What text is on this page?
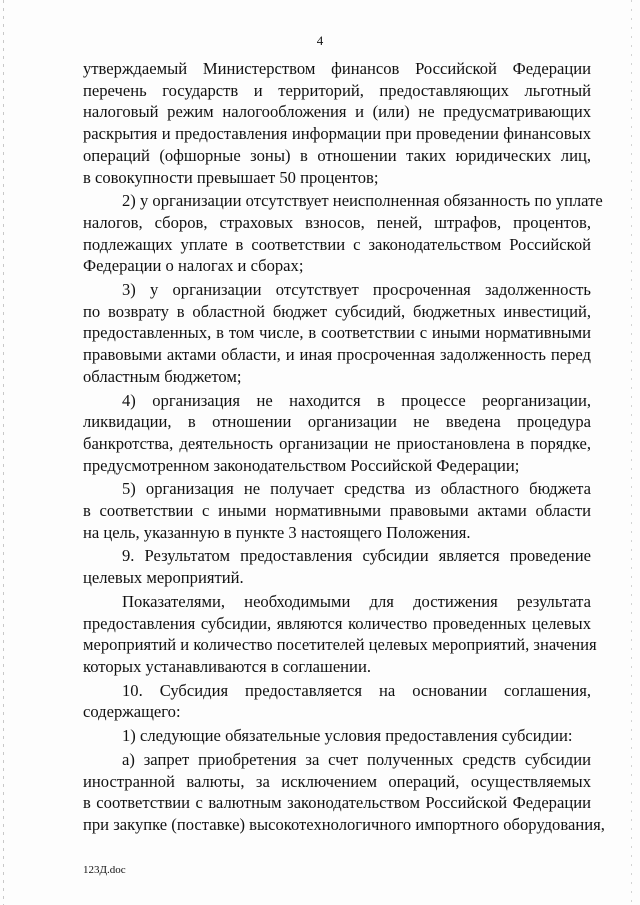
4
утверждаемый Министерством финансов Российской Федерации
перечень государств и территорий, предоставляющих льготный
налоговый режим налогообложения и (или) не предусматривающих
раскрытия и предоставления информации при проведении финансовых
операций (офшорные зоны) в отношении таких юридических лиц,
в совокупности превышает 50 процентов;
2) у организации отсутствует неисполненная обязанность по уплате
налогов, сборов, страховых взносов, пеней, штрафов, процентов,
подлежащих уплате в соответствии с законодательством Российской
Федерации о налогах и сборах;
3) у организации отсутствует просроченная задолженность
по возврату в областной бюджет субсидий, бюджетных инвестиций,
предоставленных, в том числе, в соответствии с иными нормативными
правовыми актами области, и иная просроченная задолженность перед
областным бюджетом;
4) организация не находится в процессе реорганизации,
ликвидации, в отношении организации не введена процедура
банкротства, деятельность организации не приостановлена в порядке,
предусмотренном законодательством Российской Федерации;
5) организация не получает средства из областного бюджета
в соответствии с иными нормативными правовыми актами области
на цель, указанную в пункте 3 настоящего Положения.
9. Результатом предоставления субсидии является проведение
целевых мероприятий.
Показателями, необходимыми для достижения результата
предоставления субсидии, являются количество проведенных целевых
мероприятий и количество посетителей целевых мероприятий, значения
которых устанавливаются в соглашении.
10. Субсидия предоставляется на основании соглашения,
содержащего:
1) следующие обязательные условия предоставления субсидии:
а) запрет приобретения за счет полученных средств субсидии
иностранной валюты, за исключением операций, осуществляемых
в соответствии с валютным законодательством Российской Федерации
при закупке (поставке) высокотехнологичного импортного оборудования,
123Д.doc
